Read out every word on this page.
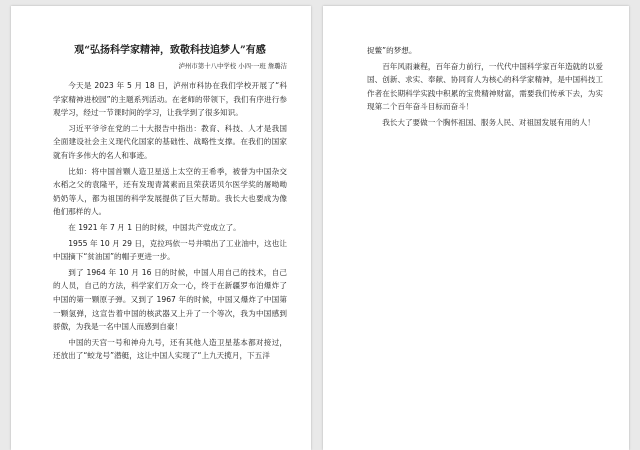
观“弘扬科学家精神，致敬科技追梦人”有感
泸州市第十八中学校 小四·一班 詹璐洁

今天是 2023 年 5 月 18 日，泸州市科协在我们学校开展了“科学家精神进校园”的主题系列活动。在老师的带领下，我们有序进行参观学习，经过一节课时间的学习，让我学到了很多知识。

习近平爷爷在党的二十大报告中指出：教育、科技、人才是我国全面建设社会主义现代化国家的基础性、战略性支撑。在我们的国家就有许多伟大的名人和事迹。

比如：将中国首颗人造卫星送上太空的王希季，被誉为中国杂交水稻之父的袁隆平，还有发现青蒿素而且荣获诺贝尔医学奖的屠呦呦奶奶等人，都为祖国的科学发展提供了巨大帮助。我长大也要成为像他们那样的人。

在 1921 年 7 月 1 日的时候，中国共产党成立了。

1955 年 10 月 29 日，克拉玛依一号井喷出了工业油中，这也让中国摘下“贫油国”的帽子更进一步。

到了 1964 年 10 月 16 日的时候，中国人用自己的技术，自己的人员，自己的方法，科学家们万众一心，终于在新疆罗布泊爆炸了中国的第一颗原子弹。又到了 1967 年的时候，中国又爆炸了中国第一颗氢弹，这宣告着中国的核武器又上升了一个等次，我为中国感到骄傲，为我是一名中国人而感到自豪！

中国的天宫一号和神舟九号，还有其他人造卫星基本都对接过，还放出了“蛟龙号”潜艇，这让中国人实现了“上九天揽月，下五洋

捉鳖”的梦想。

百年风雨兼程，百年奋力前行，一代代中国科学家百年造就的以爱国、创新、求实、奉献、协同育人为核心的科学家精神，是中国科技工作者在长期科学实践中积累的宝贵精神财富，需要我们传承下去，为实现第二个百年奋斗目标而奋斗！

我长大了要做一个胸怀祖国、服务人民、对祖国发展有用的人！
